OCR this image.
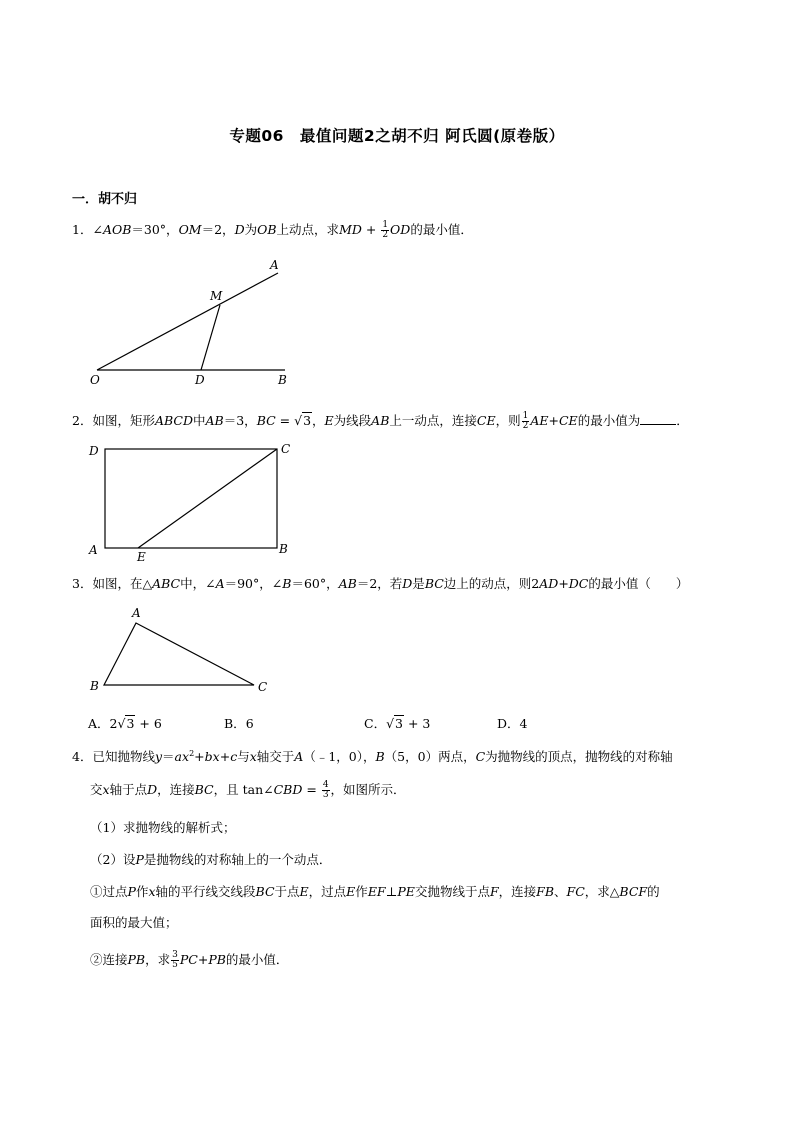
专题06　最值问题2之胡不归 阿氏圆(原卷版）
一．胡不归
1．∠AOB＝30°，OM＝2，D为OB上动点，求MD + $\frac{1}{2}$ OD的最小值．
A
M
O	D	B
2．如图，矩形ABCD中AB＝3，BC = √3，E为线段AB上一动点，连接CE，则 $\frac{1}{2} AE+CE$的最小值为	．
D	C
A	E
B
3．如图，在△ABC中，∠A＝90°，∠B＝60°，AB＝2，若D是BC边上的动点，则2AD+DC的最小值（　　）
A
B	C
A．2√3 + 6	B．6	C．√3 + 3	D．4
4．已知抛物线$y=ax^2+bx+c$与x轴交于A（﹣1，0），B（5，0）两点，C为抛物线的顶点，抛物线的对称轴
交x轴于点D，连接BC，且 tan∠CBD = $\frac{4}{3}$ ，如图所示．
（1）求抛物线的解析式；
（2）设P是抛物线的对称轴上的一个动点．
①过点P作x轴的平行线交线段BC于点E，过点E作EF⊥PE交抛物线于点F，连接FB、FC，求△BCF的
面积的最大值；
②连接PB，求 $\frac{3}{5} PC+PB$的最小值．
